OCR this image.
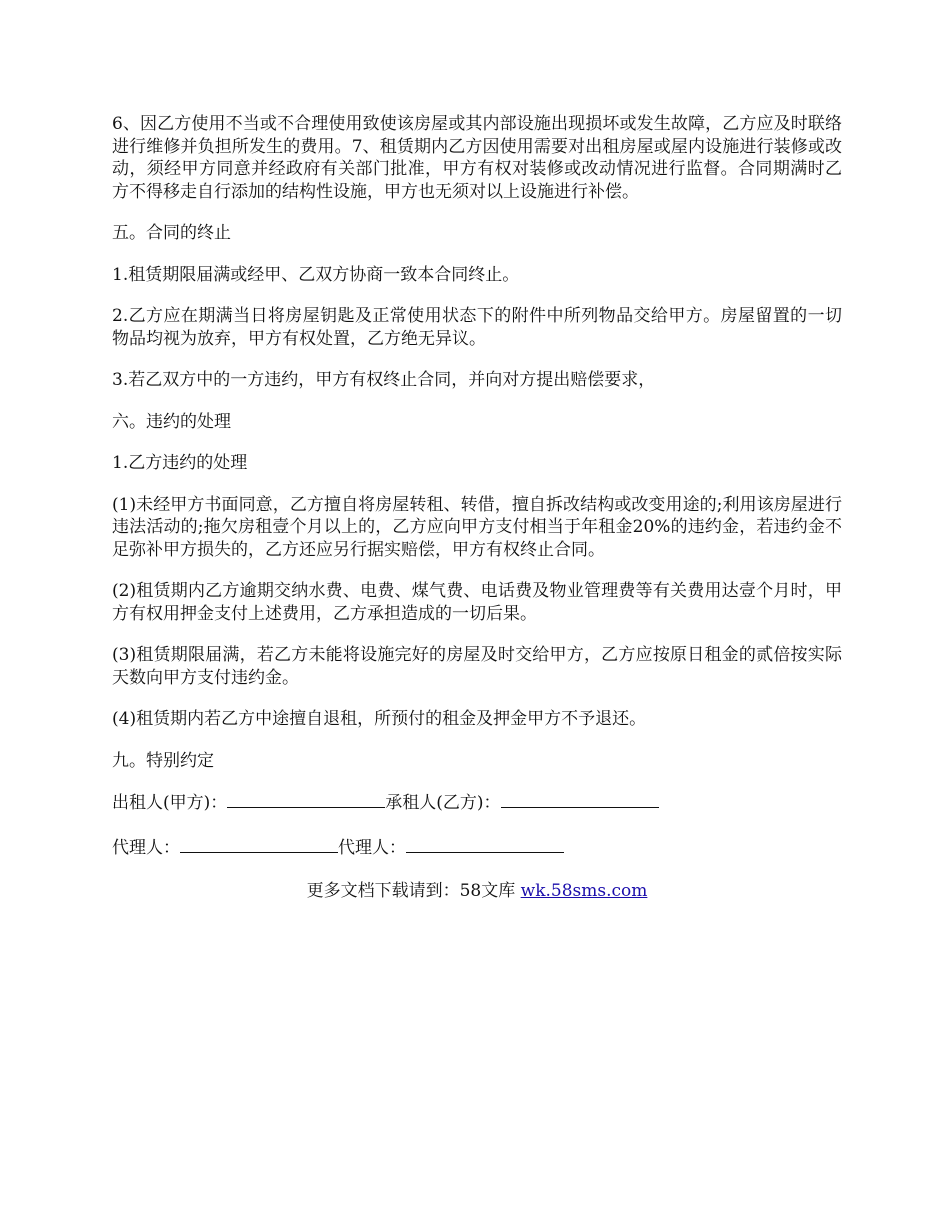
6、因乙方使用不当或不合理使用致使该房屋或其内部设施出现损坏或发生故障，乙方应及时联络进行维修并负担所发生的费用。7、租赁期内乙方因使用需要对出租房屋或屋内设施进行装修或改动，须经甲方同意并经政府有关部门批准，甲方有权对装修或改动情况进行监督。合同期满时乙方不得移走自行添加的结构性设施，甲方也无须对以上设施进行补偿。

五。合同的终止

1.租赁期限届满或经甲、乙双方协商一致本合同终止。

2.乙方应在期满当日将房屋钥匙及正常使用状态下的附件中所列物品交给甲方。房屋留置的一切物品均视为放弃，甲方有权处置，乙方绝无异议。

3.若乙双方中的一方违约，甲方有权终止合同，并向对方提出赔偿要求，

六。违约的处理

1.乙方违约的处理

(1)未经甲方书面同意，乙方擅自将房屋转租、转借，擅自拆改结构或改变用途的;利用该房屋进行违法活动的;拖欠房租壹个月以上的，乙方应向甲方支付相当于年租金20%的违约金，若违约金不足弥补甲方损失的，乙方还应另行据实赔偿，甲方有权终止合同。

(2)租赁期内乙方逾期交纳水费、电费、煤气费、电话费及物业管理费等有关费用达壹个月时，甲方有权用押金支付上述费用，乙方承担造成的一切后果。

(3)租赁期限届满，若乙方未能将设施完好的房屋及时交给甲方，乙方应按原日租金的贰倍按实际天数向甲方支付违约金。

(4)租赁期内若乙方中途擅自退租，所预付的租金及押金甲方不予退还。

九。特别约定

出租人(甲方)：	承租人(乙方)：
代理人：	代理人：
更多文档下载请到：58文库 wk.58sms.com
